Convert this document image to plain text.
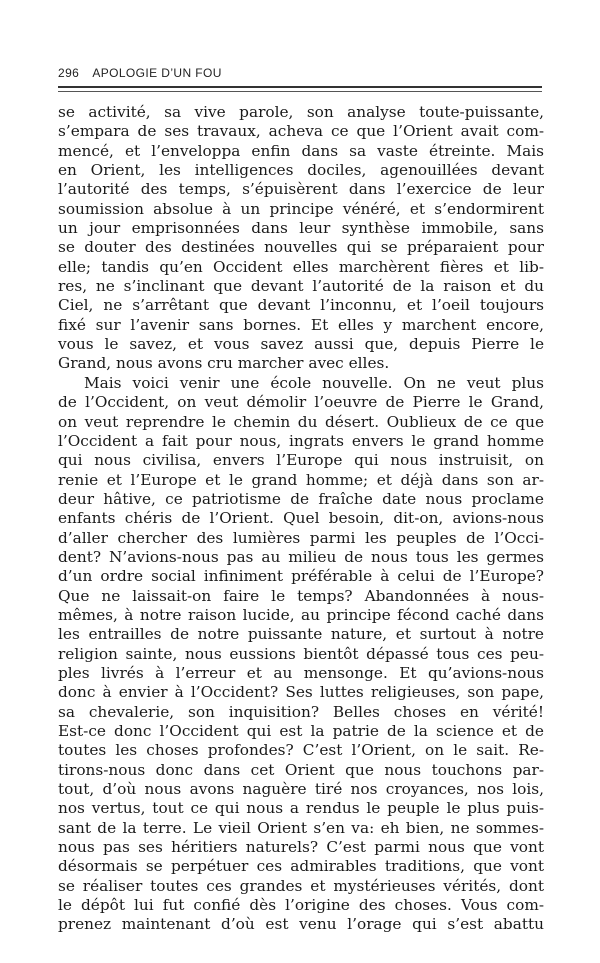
296 APOLOGIE D’UN FOU
se activité, sa vive parole, son analyse toute-puissante,
s’empara de ses travaux, acheva ce que l’Orient avait com-
mencé, et l’enveloppa enfin dans sa vaste étreinte. Mais
en Orient, les intelligences dociles, agenouillées devant
l’autorité des temps, s’épuisèrent dans l’exercice de leur
soumission absolue à un principe vénéré, et s’endormirent
un jour emprisonnées dans leur synthèse immobile, sans
se douter des destinées nouvelles qui se préparaient pour
elle; tandis qu’en Occident elles marchèrent fières et lib-
res, ne s’inclinant que devant l’autorité de la raison et du
Ciel, ne s’arrêtant que devant l’inconnu, et l’oeil toujours
fixé sur l’avenir sans bornes. Et elles y marchent encore,
vous le savez, et vous savez aussi que, depuis Pierre le
Grand, nous avons cru marcher avec elles.
Mais voici venir une école nouvelle. On ne veut plus
de l’Occident, on veut démolir l’oeuvre de Pierre le Grand,
on veut reprendre le chemin du désert. Oublieux de ce que
l’Occident a fait pour nous, ingrats envers le grand homme
qui nous civilisa, envers l’Europe qui nous instruisit, on
renie et l’Europe et le grand homme; et déjà dans son ar-
deur hâtive, ce patriotisme de fraîche date nous proclame
enfants chéris de l’Orient. Quel besoin, dit-on, avions-nous
d’aller chercher des lumières parmi les peuples de l’Occi-
dent? N’avions-nous pas au milieu de nous tous les germes
d’un ordre social infiniment préférable à celui de l’Europe?
Que ne laissait-on faire le temps? Abandonnées à nous-
mêmes, à notre raison lucide, au principe fécond caché dans
les entrailles de notre puissante nature, et surtout à notre
religion sainte, nous eussions bientôt dépassé tous ces peu-
ples livrés à l’erreur et au mensonge. Et qu’avions-nous
donc à envier à l’Occident? Ses luttes religieuses, son pape,
sa chevalerie, son inquisition? Belles choses en vérité!
Est-ce donc l’Occident qui est la patrie de la science et de
toutes les choses profondes? C’est l’Orient, on le sait. Re-
tirons-nous donc dans cet Orient que nous touchons par-
tout, d’où nous avons naguère tiré nos croyances, nos lois,
nos vertus, tout ce qui nous a rendus le peuple le plus puis-
sant de la terre. Le vieil Orient s’en va: eh bien, ne sommes-
nous pas ses héritiers naturels? C’est parmi nous que vont
désormais se perpétuer ces admirables traditions, que vont
se réaliser toutes ces grandes et mystérieuses vérités, dont
le dépôt lui fut confié dès l’origine des choses. Vous com-
prenez maintenant d’où est venu l’orage qui s’est abattu
